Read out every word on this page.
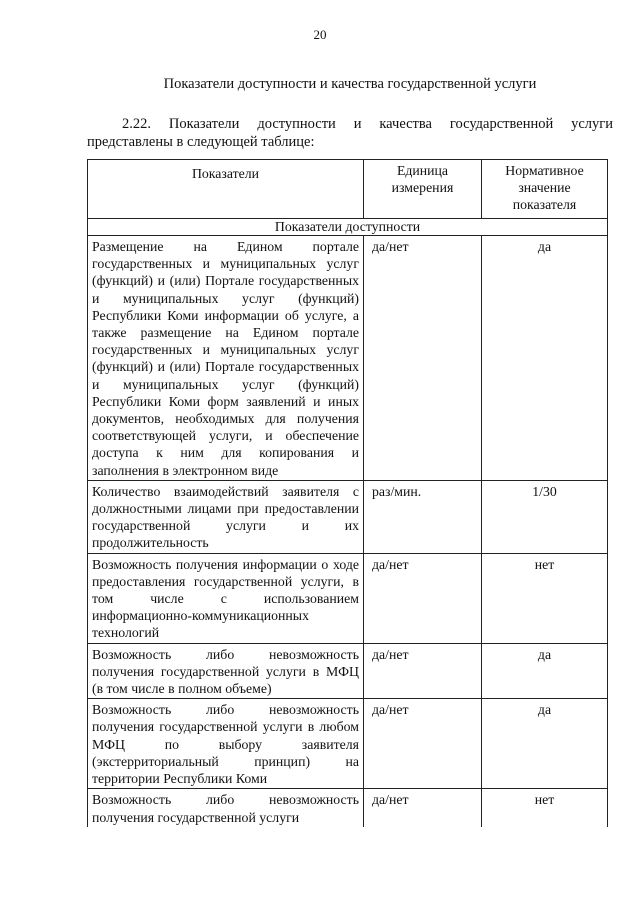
20
Показатели доступности и качества государственной услуги
2.22. Показатели доступности и качества государственной услуги
представлены в следующей таблице:
Показатели	Единица измерения	Нормативное значение показателя
Показатели доступности		
Размещение на Едином портале государственных и муниципальных услуг (функций) и (или) Портале государственных и муниципальных услуг (функций) Республики Коми информации об услуге, а также размещение на Едином портале государственных и муниципальных услуг (функций) и (или) Портале государственных и муниципальных услуг (функций) Республики Коми форм заявлений и иных документов, необходимых для получения соответствующей услуги, и обеспечение доступа к ним для копирования и заполнения в электронном виде	да/нет	да
Количество взаимодействий заявителя с должностными лицами при предоставлении государственной услуги и их продолжительность	раз/мин.	1/30
Возможность получения информации о ходе предоставления государственной услуги, в том числе с использованием информационно-коммуникационных технологий	да/нет	нет
Возможность либо невозможность получения государственной услуги в МФЦ (в том числе в полном объеме)	да/нет	да
Возможность либо невозможность получения государственной услуги в любом МФЦ по выбору заявителя (экстерриториальный принцип) на территории Республики Коми	да/нет	да
Возможность либо невозможность получения государственной услуги	да/нет	нет
